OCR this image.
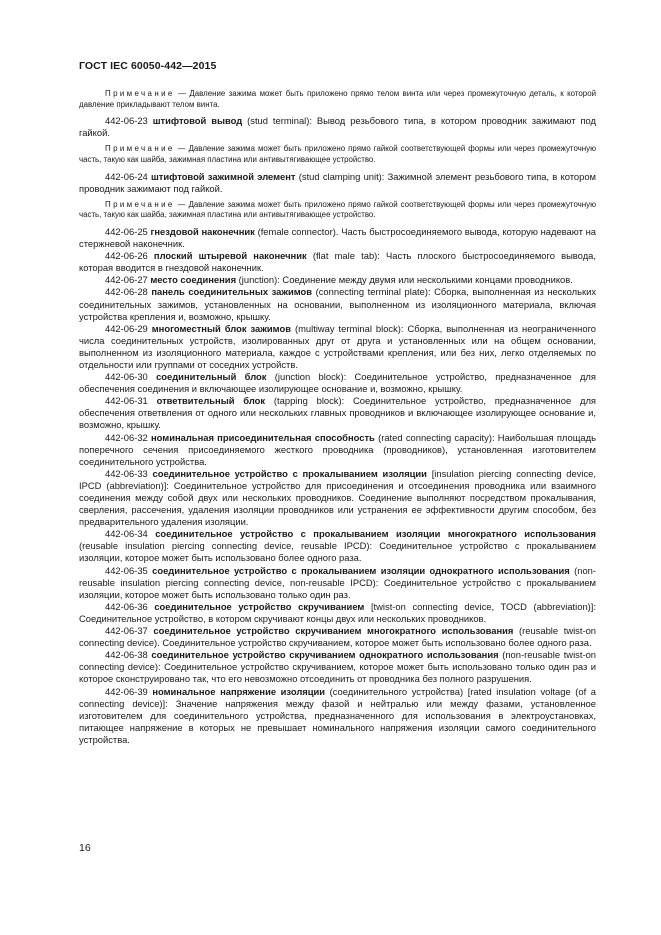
ГОСТ IEC 60050-442—2015

Примечание — Давление зажима может быть приложено прямо телом винта или через промежуточную деталь, к которой давление прикладывают телом винта.

442-06-23 штифтовой вывод (stud terminal): Вывод резьбового типа, в котором проводник зажимают под гайкой.

Примечание — Давление зажима может быть приложено прямо гайкой соответствующей формы или через промежуточную часть, такую как шайба, зажимная пластина или антивытягивающее устройство.

442-06-24 штифтовой зажимной элемент (stud clamping unit): Зажимной элемент резьбового типа, в котором проводник зажимают под гайкой.

Примечание — Давление зажима может быть приложено прямо гайкой соответствующей формы или через промежуточную часть, такую как шайба, зажимная пластина или антивытягивающее устройство.

442-06-25 гнездовой наконечник (female connector). Часть быстросоединяемого вывода, которую надевают на стержневой наконечник.

442-06-26 плоский штыревой наконечник (flat male tab): Часть плоского быстросоединяемого вывода, которая вводится в гнездовой наконечник.

442-06-27 место соединения (junction): Соединение между двумя или несколькими концами проводников.

442-06-28 панель соединительных зажимов (connecting terminal plate): Сборка, выполненная из нескольких соединительных зажимов, установленных на основании, выполненном из изоляционного материала, включая устройства крепления и, возможно, крышку.

442-06-29 многоместный блок зажимов (multiway terminal block): Сборка, выполненная из неограниченного числа соединительных устройств, изолированных друг от друга и установленных или на общем основании, выполненном из изоляционного материала, каждое с устройствами крепления, или без них, легко отделяемых по отдельности или группами от соседних устройств.

442-06-30 соединительный блок (junction block): Соединительное устройство, предназначенное для обеспечения соединения и включающее изолирующее основание и, возможно, крышку.

442-06-31 ответвительный блок (tapping block): Соединительное устройство, предназначенное для обеспечения ответвления от одного или нескольких главных проводников и включающее изолирующее основание и, возможно, крышку.

442-06-32 номинальная присоединительная способность (rated connecting capacity): Наибольшая площадь поперечного сечения присоединяемого жесткого проводника (проводников), установленная изготовителем соединительного устройства.

442-06-33 соединительное устройство с прокалыванием изоляции [insulation piercing connecting device, IPCD (abbreviation)]: Соединительное устройство для присоединения и отсоединения проводника или взаимного соединения между собой двух или нескольких проводников. Соединение выполняют посредством прокалывания, сверления, рассечения, удаления изоляции проводников или устранения ее эффективности другим способом, без предварительного удаления изоляции.

442-06-34 соединительное устройство с прокалыванием изоляции многократного использования (reusable insulation piercing connecting device, reusable IPCD): Соединительное устройство с прокалыванием изоляции, которое может быть использовано более одного раза.

442-06-35 соединительное устройство с прокалыванием изоляции однократного использования (non-reusable insulation piercing connecting device, non-reusable IPCD): Соединительное устройство с прокалыванием изоляции, которое может быть использовано только один раз.

442-06-36 соединительное устройство скручиванием [twist-on connecting device, TOCD (abbreviation)]: Соединительное устройство, в котором скручивают концы двух или нескольких проводников.

442-06-37 соединительное устройство скручиванием многократного использования (reusable twist-on connecting device). Соединительное устройство скручиванием, которое может быть использовано более одного раза.

442-06-38 соединительное устройство скручиванием однократного использования (non-reusable twist-on connecting device): Соединительное устройство скручиванием, которое может быть использовано только один раз и которое сконструировано так, что его невозможно отсоединить от проводника без полного разрушения.

442-06-39 номинальное напряжение изоляции (соединительного устройства) [rated insulation voltage (of a connecting device)]: Значение напряжения между фазой и нейтралью или между фазами, установленное изготовителем для соединительного устройства, предназначенного для использования в электроустановках, питающее напряжение в которых не превышает номинального напряжения изоляции самого соединительного устройства.

16
